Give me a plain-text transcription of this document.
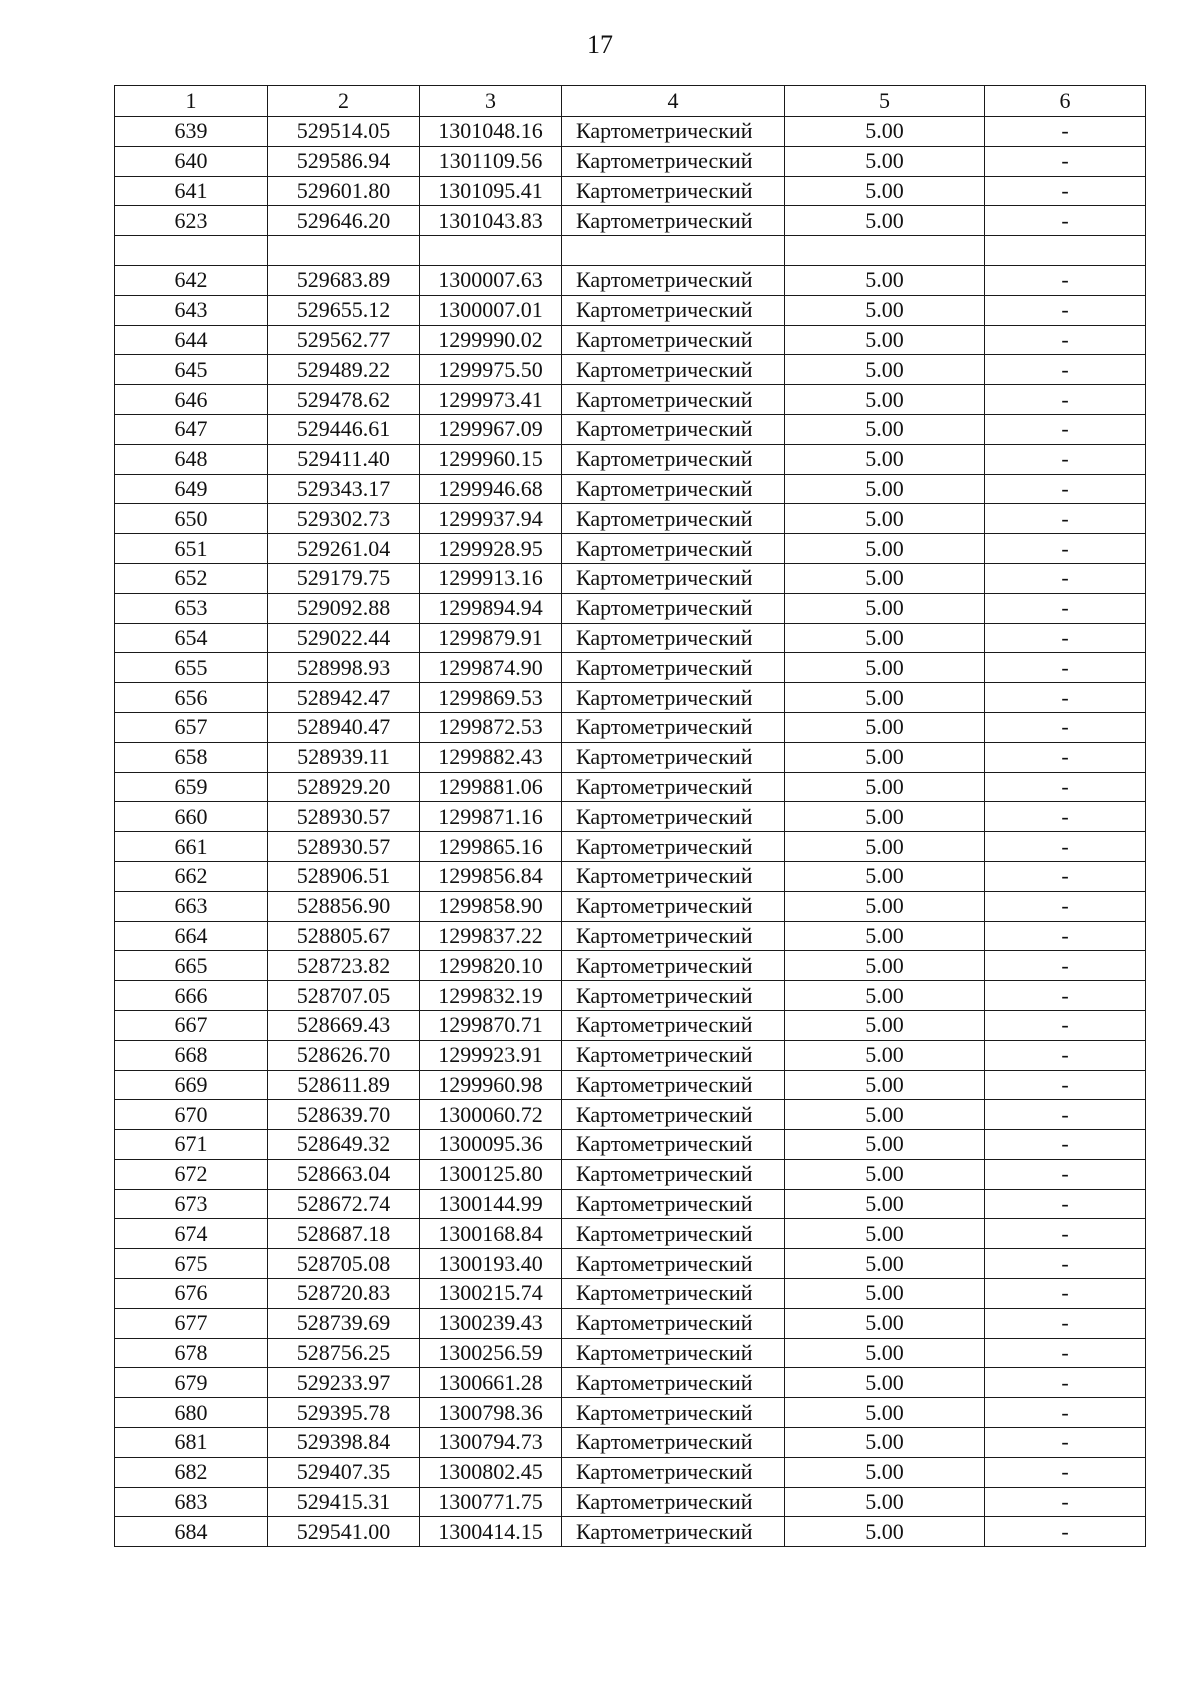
17
1	2	3	4	5	6
639	529514.05	1301048.16	Картометрический	5.00	-
640	529586.94	1301109.56	Картометрический	5.00	-
641	529601.80	1301095.41	Картометрический	5.00	-
623	529646.20	1301043.83	Картометрический	5.00	-

642	529683.89	1300007.63	Картометрический	5.00	-
643	529655.12	1300007.01	Картометрический	5.00	-
644	529562.77	1299990.02	Картометрический	5.00	-
645	529489.22	1299975.50	Картометрический	5.00	-
646	529478.62	1299973.41	Картометрический	5.00	-
647	529446.61	1299967.09	Картометрический	5.00	-
648	529411.40	1299960.15	Картометрический	5.00	-
649	529343.17	1299946.68	Картометрический	5.00	-
650	529302.73	1299937.94	Картометрический	5.00	-
651	529261.04	1299928.95	Картометрический	5.00	-
652	529179.75	1299913.16	Картометрический	5.00	-
653	529092.88	1299894.94	Картометрический	5.00	-
654	529022.44	1299879.91	Картометрический	5.00	-
655	528998.93	1299874.90	Картометрический	5.00	-
656	528942.47	1299869.53	Картометрический	5.00	-
657	528940.47	1299872.53	Картометрический	5.00	-
658	528939.11	1299882.43	Картометрический	5.00	-
659	528929.20	1299881.06	Картометрический	5.00	-
660	528930.57	1299871.16	Картометрический	5.00	-
661	528930.57	1299865.16	Картометрический	5.00	-
662	528906.51	1299856.84	Картометрический	5.00	-
663	528856.90	1299858.90	Картометрический	5.00	-
664	528805.67	1299837.22	Картометрический	5.00	-
665	528723.82	1299820.10	Картометрический	5.00	-
666	528707.05	1299832.19	Картометрический	5.00	-
667	528669.43	1299870.71	Картометрический	5.00	-
668	528626.70	1299923.91	Картометрический	5.00	-
669	528611.89	1299960.98	Картометрический	5.00	-
670	528639.70	1300060.72	Картометрический	5.00	-
671	528649.32	1300095.36	Картометрический	5.00	-
672	528663.04	1300125.80	Картометрический	5.00	-
673	528672.74	1300144.99	Картометрический	5.00	-
674	528687.18	1300168.84	Картометрический	5.00	-
675	528705.08	1300193.40	Картометрический	5.00	-
676	528720.83	1300215.74	Картометрический	5.00	-
677	528739.69	1300239.43	Картометрический	5.00	-
678	528756.25	1300256.59	Картометрический	5.00	-
679	529233.97	1300661.28	Картометрический	5.00	-
680	529395.78	1300798.36	Картометрический	5.00	-
681	529398.84	1300794.73	Картометрический	5.00	-
682	529407.35	1300802.45	Картометрический	5.00	-
683	529415.31	1300771.75	Картометрический	5.00	-
684	529541.00	1300414.15	Картометрический	5.00	-
